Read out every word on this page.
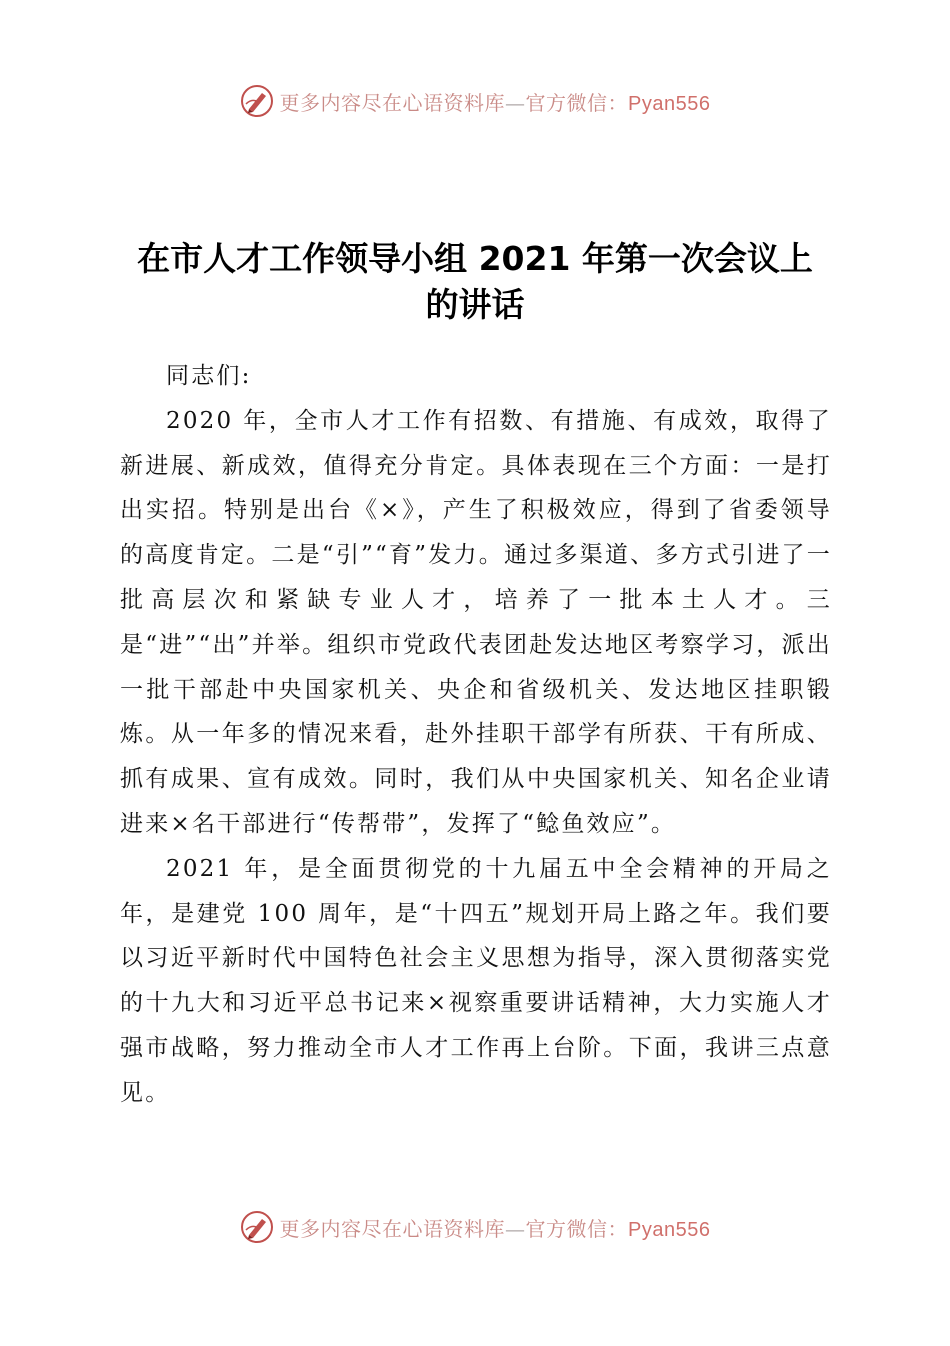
更多内容尽在心语资料库—官方微信：Pyan556
在市人才工作领导小组 2021 年第一次会议上
的讲话

同志们:

2020 年，全市人才工作有招数、有措施、有成效，取得了新进展、新成效，值得充分肯定。具体表现在三个方面：一是打出实招。特别是出台《×》，产生了积极效应，得到了省委领导的高度肯定。二是“引”“育”发力。通过多渠道、多方式引进了一批高层次和紧缺专业人才，培养了一批本土人才。三是“进”“出”并举。组织市党政代表团赴发达地区考察学习，派出一批干部赴中央国家机关、央企和省级机关、发达地区挂职锻炼。从一年多的情况来看，赴外挂职干部学有所获、干有所成、抓有成果、宣有成效。同时，我们从中央国家机关、知名企业请进来×名干部进行“传帮带”，发挥了“鲶鱼效应”。

2021 年，是全面贯彻党的十九届五中全会精神的开局之年，是建党 100 周年，是“十四五”规划开局上路之年。我们要以习近平新时代中国特色社会主义思想为指导，深入贯彻落实党的十九大和习近平总书记来×视察重要讲话精神，大力实施人才强市战略，努力推动全市人才工作再上台阶。下面，我讲三点意见。

更多内容尽在心语资料库—官方微信：Pyan556
